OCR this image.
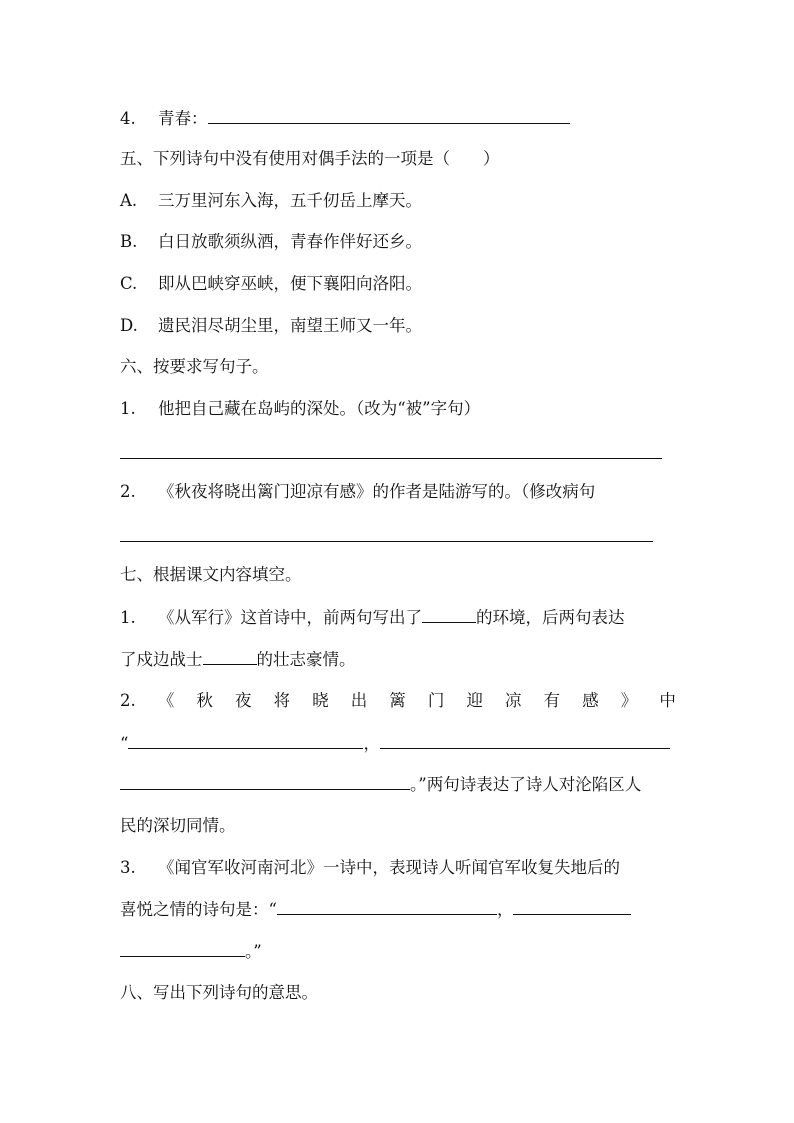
4. 青春：
五、下列诗句中没有使用对偶手法的一项是（　　）
A. 三万里河东入海，五千仞岳上摩天。
B. 白日放歌须纵酒，青春作伴好还乡。
C. 即从巴峡穿巫峡，便下襄阳向洛阳。
D. 遗民泪尽胡尘里，南望王师又一年。
六、按要求写句子。
1. 他把自己藏在岛屿的深处。（改为“被”字句）
2. 《秋夜将晓出篱门迎凉有感》的作者是陆游写的。（修改病句
七、根据课文内容填空。
1. 《从军行》这首诗中，前两句写出了	的环境，后两句表达
了戍边战士	的壮志豪情。
2. 《 秋 夜 将 晓 出 篱 门 迎 凉 有 感 》 中
“	，
。”两句诗表达了诗人对沦陷区人
民的深切同情。
3. 《闻官军收河南河北》一诗中，表现诗人听闻官军收复失地后的
喜悦之情的诗句是：“	，
。”
八、写出下列诗句的意思。
